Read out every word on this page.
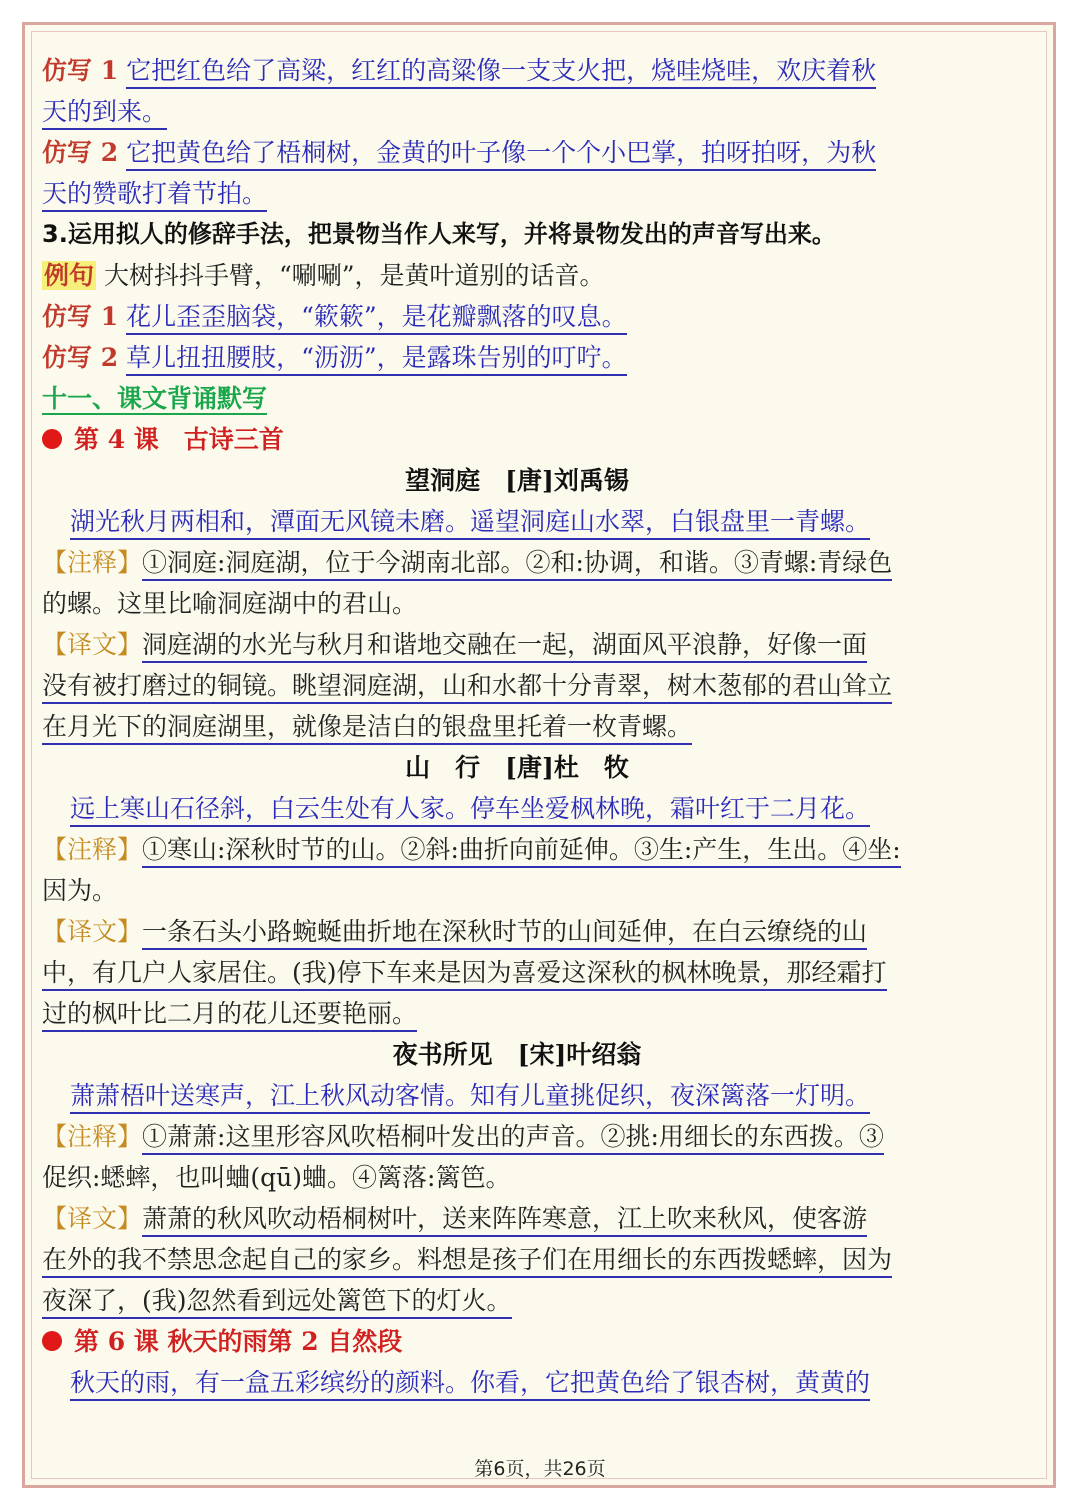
仿写 1 它把红色给了高粱，红红的高粱像一支支火把，烧哇烧哇，欢庆着秋
天的到来。
仿写 2 它把黄色给了梧桐树，金黄的叶子像一个个小巴掌，拍呀拍呀，为秋
天的赞歌打着节拍。
3.运用拟人的修辞手法，把景物当作人来写，并将景物发出的声音写出来。
例句 大树抖抖手臂，“唰唰”，是黄叶道别的话音。
仿写 1 花儿歪歪脑袋，“簌簌”，是花瓣飘落的叹息。
仿写 2 草儿扭扭腰肢，“沥沥”，是露珠告别的叮咛。
十一、课文背诵默写
第 4 课　古诗三首
望洞庭　[唐]刘禹锡
湖光秋月两相和，潭面无风镜未磨。遥望洞庭山水翠，白银盘里一青螺。
【注释】①洞庭:洞庭湖，位于今湖南北部。②和:协调，和谐。③青螺:青绿色
的螺。这里比喻洞庭湖中的君山。
【译文】洞庭湖的水光与秋月和谐地交融在一起，湖面风平浪静，好像一面
没有被打磨过的铜镜。眺望洞庭湖，山和水都十分青翠，树木葱郁的君山耸立
在月光下的洞庭湖里，就像是洁白的银盘里托着一枚青螺。
山　行　[唐]杜　牧
远上寒山石径斜，白云生处有人家。停车坐爱枫林晚，霜叶红于二月花。
【注释】①寒山:深秋时节的山。②斜:曲折向前延伸。③生:产生，生出。④坐:
因为。
【译文】一条石头小路蜿蜒曲折地在深秋时节的山间延伸，在白云缭绕的山
中，有几户人家居住。(我)停下车来是因为喜爱这深秋的枫林晚景，那经霜打
过的枫叶比二月的花儿还要艳丽。
夜书所见　[宋]叶绍翁
萧萧梧叶送寒声，江上秋风动客情。知有儿童挑促织，夜深篱落一灯明。
【注释】①萧萧:这里形容风吹梧桐叶发出的声音。②挑:用细长的东西拨。③
促织:蟋蟀，也叫蛐(qū)蛐。④篱落:篱笆。
【译文】萧萧的秋风吹动梧桐树叶，送来阵阵寒意，江上吹来秋风，使客游
在外的我不禁思念起自己的家乡。料想是孩子们在用细长的东西拨蟋蟀，因为
夜深了，(我)忽然看到远处篱笆下的灯火。
第 6 课 秋天的雨第 2 自然段
秋天的雨，有一盒五彩缤纷的颜料。你看，它把黄色给了银杏树，黄黄的
第6页，共26页
